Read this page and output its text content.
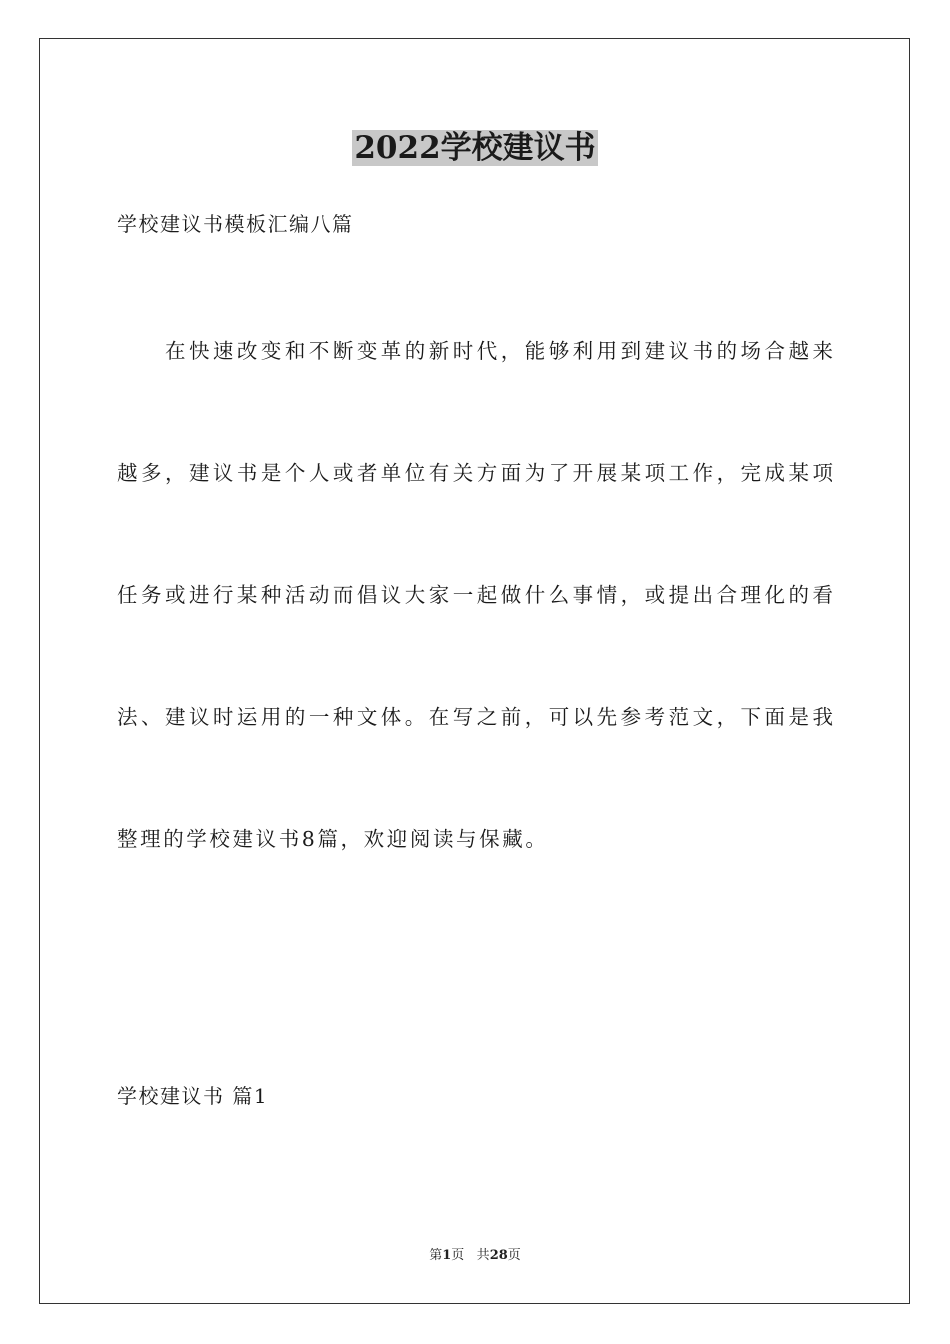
2022学校建议书
学校建议书模板汇编八篇
　　在快速改变和不断变革的新时代，能够利用到建议书的场合越来
越多，建议书是个人或者单位有关方面为了开展某项工作，完成某项
任务或进行某种活动而倡议大家一起做什么事情，或提出合理化的看
法、建议时运用的一种文体。在写之前，可以先参考范文，下面是我
整理的学校建议书8篇，欢迎阅读与保藏。
学校建议书 篇1
第1页 共28页
